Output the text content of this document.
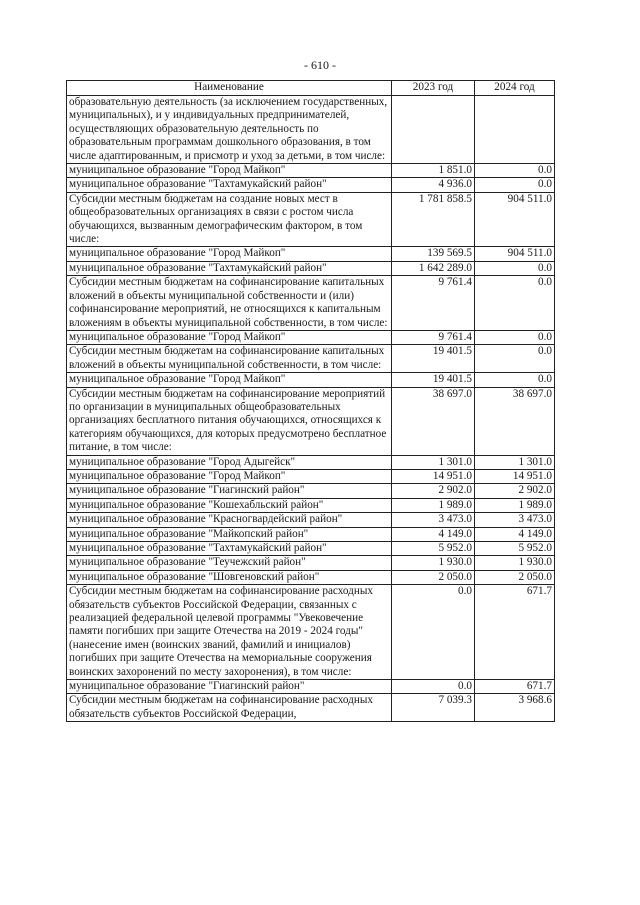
- 610 -
Наименование	2023 год	2024 год
образовательную деятельность (за исключением государственных, муниципальных), и у индивидуальных предпринимателей, осуществляющих образовательную деятельность по образовательным программам дошкольного образования, в том числе адаптированным, и присмотр и уход за детьми, в том числе:		
муниципальное образование "Город Майкоп"	1 851.0	0.0
муниципальное образование "Тахтамукайский район"	4 936.0	0.0
Субсидии местным бюджетам на создание новых мест в общеобразовательных организациях в связи с ростом числа обучающихся, вызванным демографическим фактором, в том числе:	1 781 858.5	904 511.0
муниципальное образование "Город Майкоп"	139 569.5	904 511.0
муниципальное образование "Тахтамукайский район"	1 642 289.0	0.0
Субсидии местным бюджетам на софинансирование капитальных вложений в объекты муниципальной собственности и (или) софинансирование мероприятий, не относящихся к капитальным вложениям в объекты муниципальной собственности, в том числе:	9 761.4	0.0
муниципальное образование "Город Майкоп"	9 761.4	0.0
Субсидии местным бюджетам на софинансирование капитальных вложений в объекты муниципальной собственности, в том числе:	19 401.5	0.0
муниципальное образование "Город Майкоп"	19 401.5	0.0
Субсидии местным бюджетам на софинансирование мероприятий по организации в муниципальных общеобразовательных организациях бесплатного питания обучающихся, относящихся к категориям обучающихся, для которых предусмотрено бесплатное питание, в том числе:	38 697.0	38 697.0
муниципальное образование "Город Адыгейск"	1 301.0	1 301.0
муниципальное образование "Город Майкоп"	14 951.0	14 951.0
муниципальное образование "Гиагинский район"	2 902.0	2 902.0
муниципальное образование "Кошехабльский район"	1 989.0	1 989.0
муниципальное образование "Красногвардейский район"	3 473.0	3 473.0
муниципальное образование "Майкопский район"	4 149.0	4 149.0
муниципальное образование "Тахтамукайский район"	5 952.0	5 952.0
муниципальное образование "Теучежский район"	1 930.0	1 930.0
муниципальное образование "Шовгеновский район"	2 050.0	2 050.0
Субсидии местным бюджетам на софинансирование расходных обязательств субъектов Российской Федерации, связанных с реализацией федеральной целевой программы "Увековечение памяти погибших при защите Отечества на 2019 - 2024 годы" (нанесение имен (воинских званий, фамилий и инициалов) погибших при защите Отечества на мемориальные сооружения воинских захоронений по месту захоронения), в том числе:	0.0	671.7
муниципальное образование "Гиагинский район"	0.0	671.7
Субсидии местным бюджетам на софинансирование расходных обязательств субъектов Российской Федерации,	7 039.3	3 968.6
